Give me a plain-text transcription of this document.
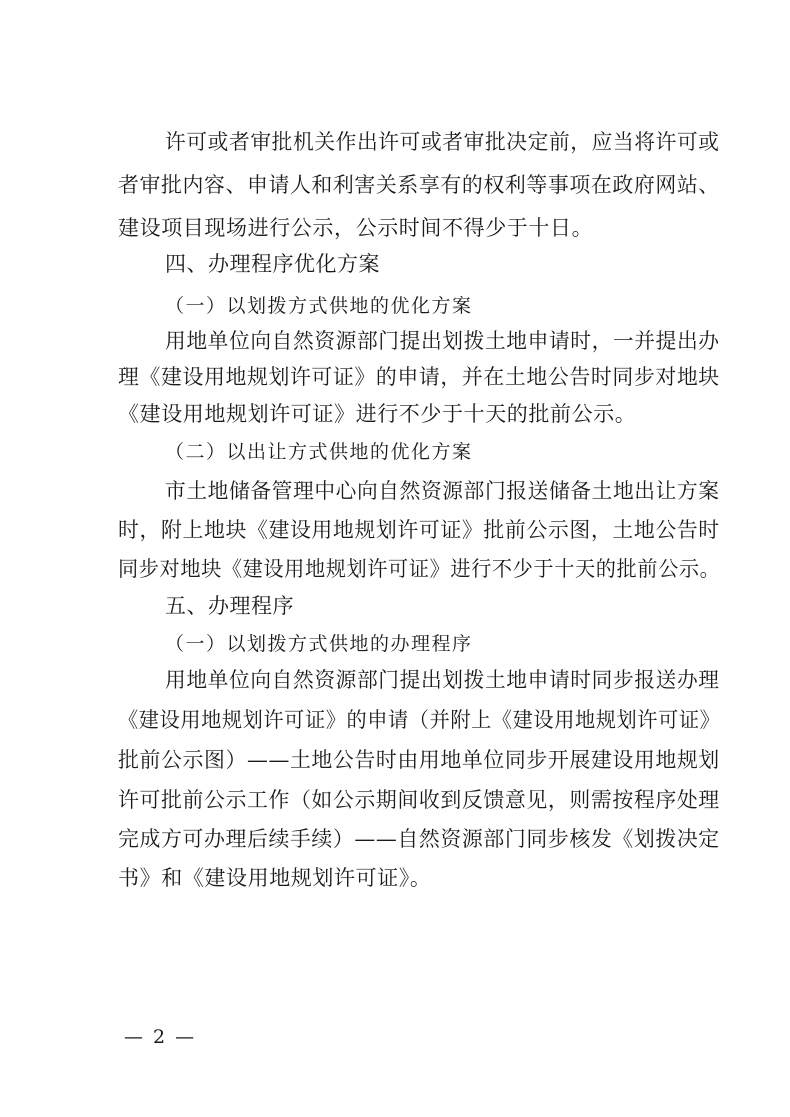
许可或者审批机关作出许可或者审批决定前，应当将许可或
者审批内容、申请人和利害关系享有的权利等事项在政府网站、
建设项目现场进行公示，公示时间不得少于十日。
四、办理程序优化方案
（一）以划拨方式供地的优化方案
用地单位向自然资源部门提出划拨土地申请时，一并提出办
理《建设用地规划许可证》的申请，并在土地公告时同步对地块
《建设用地规划许可证》进行不少于十天的批前公示。
（二）以出让方式供地的优化方案
市土地储备管理中心向自然资源部门报送储备土地出让方案
时，附上地块《建设用地规划许可证》批前公示图，土地公告时
同步对地块《建设用地规划许可证》进行不少于十天的批前公示。
五、办理程序
（一）以划拨方式供地的办理程序
用地单位向自然资源部门提出划拨土地申请时同步报送办理
《建设用地规划许可证》的申请（并附上《建设用地规划许可证》
批前公示图）——土地公告时由用地单位同步开展建设用地规划
许可批前公示工作（如公示期间收到反馈意见，则需按程序处理
完成方可办理后续手续）——自然资源部门同步核发《划拨决定
书》和《建设用地规划许可证》。
— 2 —
